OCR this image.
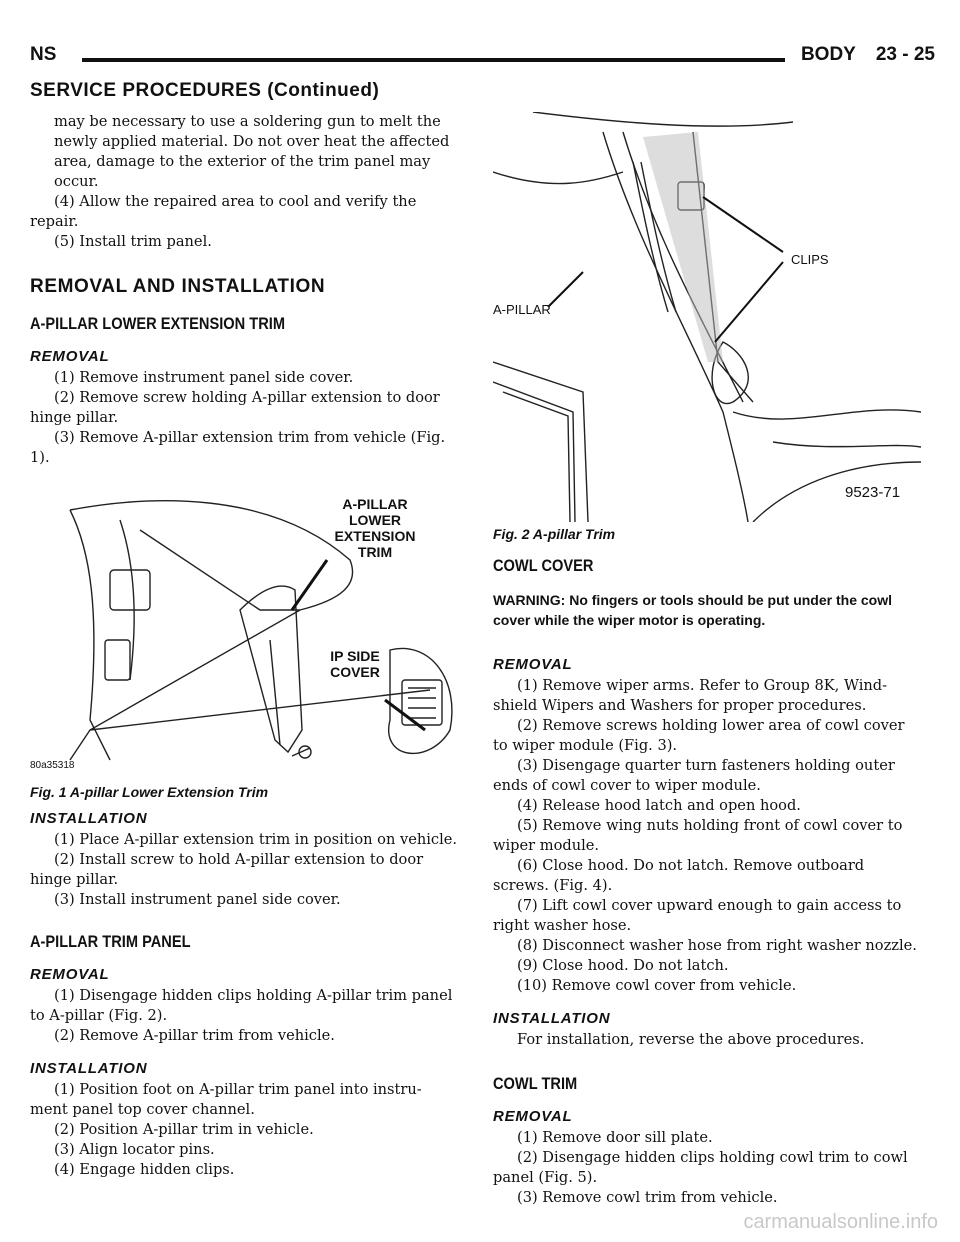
NS	BODY 23 - 25
SERVICE PROCEDURES (Continued)

may be necessary to use a soldering gun to melt the newly applied material. Do not over heat the affected area, damage to the exterior of the trim panel may occur.

(4) Allow the repaired area to cool and verify the repair.

(5) Install trim panel.

REMOVAL AND INSTALLATION
A-PILLAR LOWER EXTENSION TRIM
REMOVAL

(1) Remove instrument panel side cover.

(2) Remove screw holding A-pillar extension to door hinge pillar.

(3) Remove A-pillar extension trim from vehicle (Fig. 1).

A-PILLAR LOWER EXTENSION TRIM
IP SIDE COVER
80a35318
Fig. 1 A-pillar Lower Extension Trim
INSTALLATION

(1) Place A-pillar extension trim in position on vehicle.

(2) Install screw to hold A-pillar extension to door hinge pillar.

(3) Install instrument panel side cover.

A-PILLAR TRIM PANEL
REMOVAL

(1) Disengage hidden clips holding A-pillar trim panel to A-pillar (Fig. 2).

(2) Remove A-pillar trim from vehicle.

INSTALLATION

(1) Position foot on A-pillar trim panel into instru- ment panel top cover channel.

(2) Position A-pillar trim in vehicle.

(3) Align locator pins.

(4) Engage hidden clips.

CLIPS
A-PILLAR
9523-71
Fig. 2 A-pillar Trim
COWL COVER

WARNING: No fingers or tools should be put under the cowl cover while the wiper motor is operating.

REMOVAL

(1) Remove wiper arms. Refer to Group 8K, Wind- shield Wipers and Washers for proper procedures.

(2) Remove screws holding lower area of cowl cover to wiper module (Fig. 3).

(3) Disengage quarter turn fasteners holding outer ends of cowl cover to wiper module.

(4) Release hood latch and open hood.

(5) Remove wing nuts holding front of cowl cover to wiper module.

(6) Close hood. Do not latch. Remove outboard screws. (Fig. 4).

(7) Lift cowl cover upward enough to gain access to right washer hose.

(8) Disconnect washer hose from right washer nozzle.

(9) Close hood. Do not latch.

(10) Remove cowl cover from vehicle.

INSTALLATION

For installation, reverse the above procedures.

COWL TRIM
REMOVAL

(1) Remove door sill plate.

(2) Disengage hidden clips holding cowl trim to cowl panel (Fig. 5).

(3) Remove cowl trim from vehicle.

carmanualsonline.info
